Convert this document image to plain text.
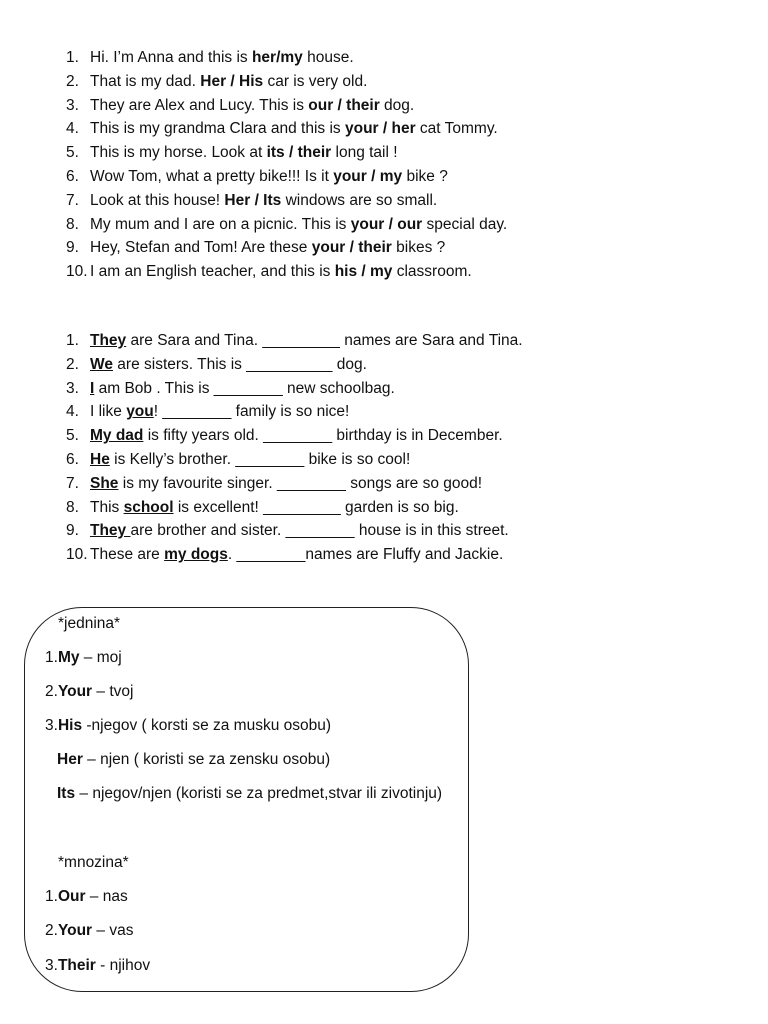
1. Hi. I’m Anna and this is her/my house.
2. That is my dad. Her / His car is very old.
3. They are Alex and Lucy. This is our / their dog.
4. This is my grandma Clara and this is your / her cat Tommy.
5. This is my horse. Look at its / their long tail !
6. Wow Tom, what a pretty bike!!! Is it your / my bike ?
7. Look at this house! Her / Its windows are so small.
8. My mum and I are on a picnic. This is your / our special day.
9. Hey, Stefan and Tom! Are these your / their bikes ?
10. I am an English teacher, and this is his / my classroom.
1. They are Sara and Tina. _________ names are Sara and Tina.
2. We are sisters. This is __________ dog.
3. I am Bob . This is ________ new schoolbag.
4. I like you! ________ family is so nice!
5. My dad is fifty years old. ________ birthday is in December.
6. He is Kelly’s brother. ________ bike is so cool!
7. She is my favourite singer. ________ songs are so good!
8. This school is excellent! _________ garden is so big.
9. They are brother and sister. ________ house is in this street.
10. These are my dogs. ________names are Fluffy and Jackie.
*jednina*
1.My – moj
2.Your – tvoj
3.His -njegov ( korsti se za musku osobu)
Her – njen ( koristi se za zensku osobu)
Its – njegov/njen (koristi se za predmet,stvar ili zivotinju)
*mnozina*
1.Our – nas
2.Your – vas
3.Their - njihov
